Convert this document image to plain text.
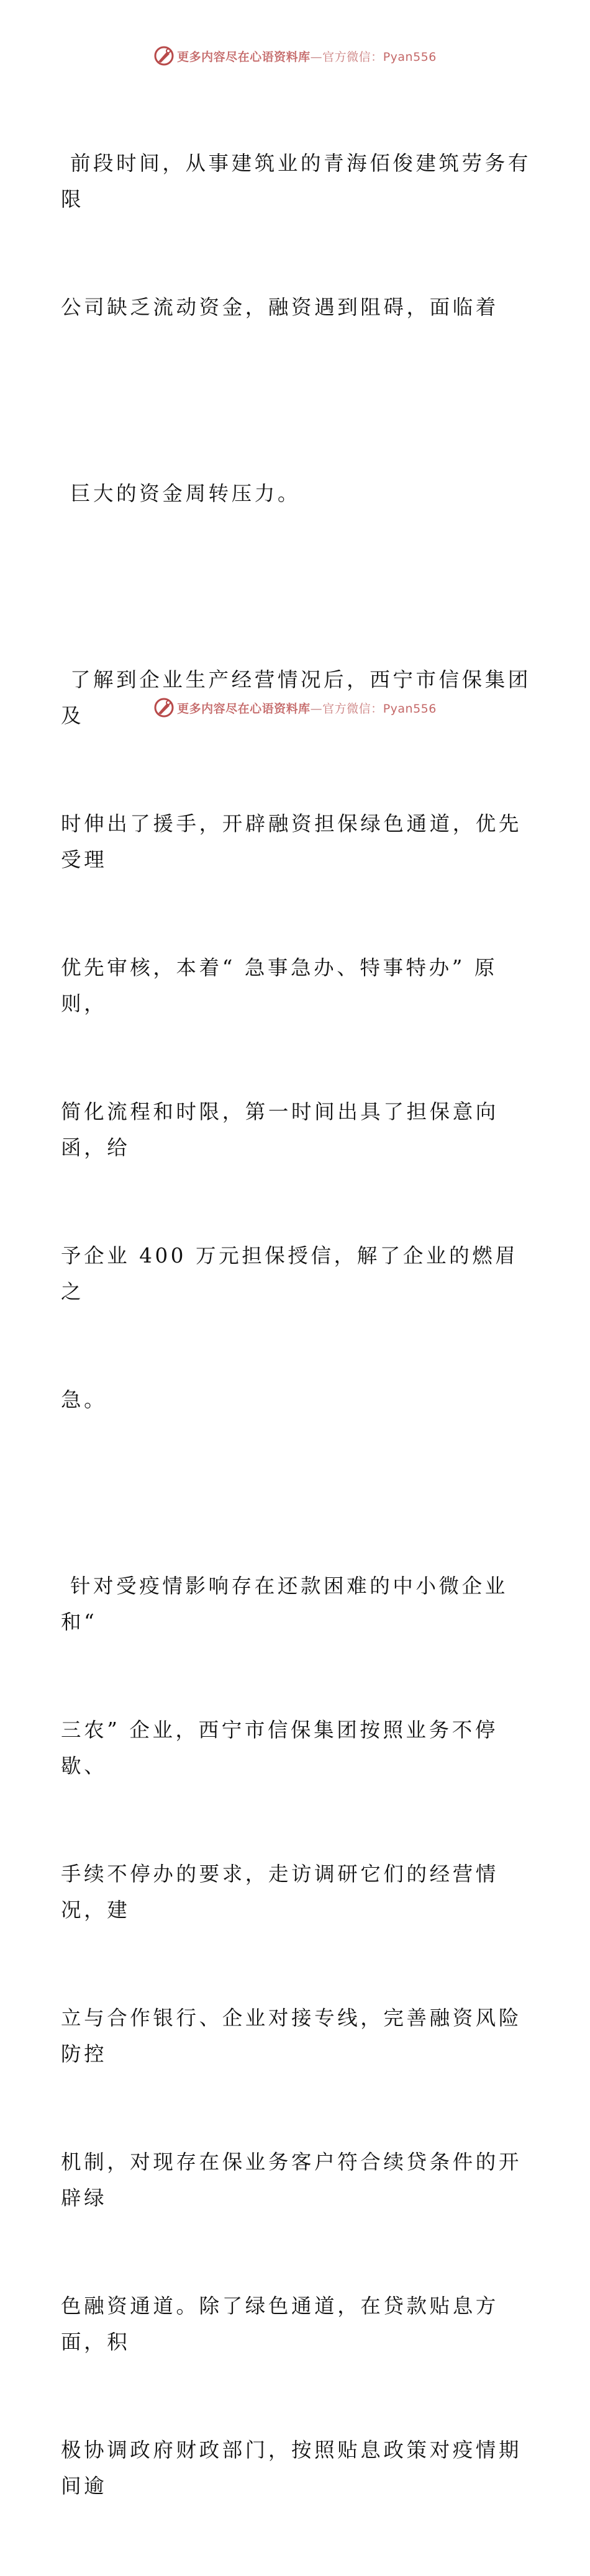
更多内容尽在心语资料库—官方微信：Pyan556

前段时间，从事建筑业的青海佰俊建筑劳务有限

公司缺乏流动资金，融资遇到阻碍，面临着

巨大的资金周转压力。

了解到企业生产经营情况后，西宁市信保集团及

时伸出了援手，开辟融资担保绿色通道，优先受理

优先审核，本着“ 急事急办、特事特办” 原则，

简化流程和时限，第一时间出具了担保意向函，给

予企业 400 万元担保授信，解了企业的燃眉之

急。

针对受疫情影响存在还款困难的中小微企业和“

三农” 企业，西宁市信保集团按照业务不停歇、

手续不停办的要求，走访调研它们的经营情况，建

立与合作银行、企业对接专线，完善融资风险防控

机制，对现存在保业务客户符合续贷条件的开辟绿

色融资通道。除了绿色通道，在贷款贴息方面，积

极协调政府财政部门，按照贴息政策对疫情期间逾

更多内容尽在心语资料库—官方微信：Pyan556
